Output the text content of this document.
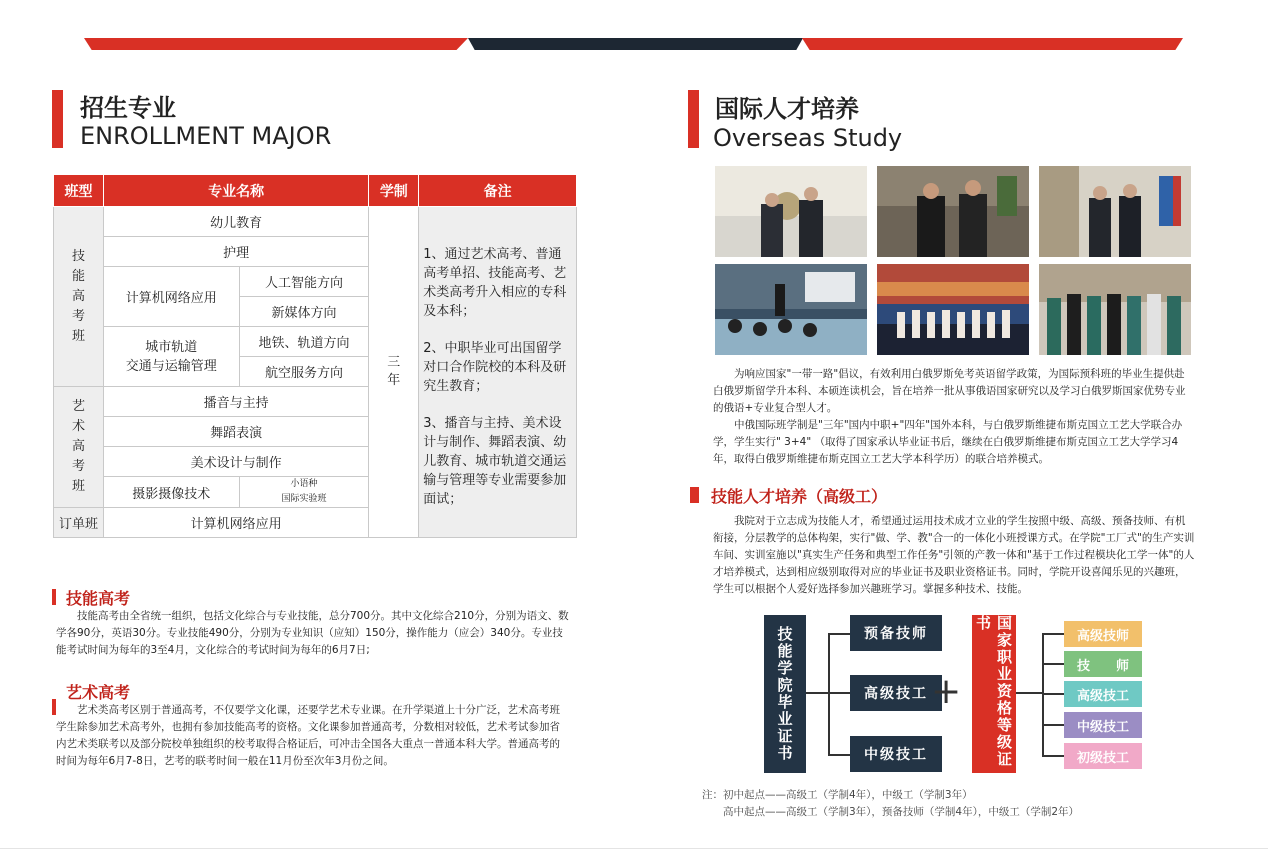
招生专业
ENROLLMENT MAJOR
班型	专业名称		学制	备注

技能高考班	幼儿教育		三年	1、通过艺术高考、普通高考单招、技能高考、艺术类高考升入相应的专科及本科；
2、中职毕业可出国留学对口合作院校的本科及研究生教育；
3、播音与主持、美术设计与制作、舞蹈表演、幼儿教育、城市轨道交通运输与管理等专业需要参加面试；

	护理			
	计算机网络应用	人工智能方向		
		新媒体方向		

	城市轨道
交通与运输管理	地铁、轨道方向		
		航空服务方向		

艺术高考班	播音与主持			
	舞蹈表演			
	美术设计与制作			
	摄影摄像技术	小语种
国际实验班		

订单班	计算机网络应用			
技能高考
技能高考由全省统一组织，包括文化综合与专业技能，总分700分。其中文化综合210分，分别为语文、数学各90分，英语30分。专业技能490分，分别为专业知识（应知）150分，操作能力（应会）340分。专业技能考试时间为每年的3至4月，文化综合的考试时间为每年的6月7日;
艺术高考
艺术类高考区别于普通高考，不仅要学文化课，还要学艺术专业课。在升学渠道上十分广泛，艺术高考班学生除参加艺术高考外，也拥有参加技能高考的资格。文化课参加普通高考，分数相对较低，艺术考试参加省内艺术类联考以及部分院校单独组织的校考取得合格证后，可冲击全国各大重点一普通本科大学。普通高考的时间为每年6月7-8日，艺考的联考时间一般在11月份至次年3月份之间。
国际人才培养
Overseas Study
为响应国家"一带一路"倡议，有效利用白俄罗斯免考英语留学政策，为国际预科班的毕业生提供赴白俄罗斯留学升本科、本硕连读机会，旨在培养一批从事俄语国家研究以及学习白俄罗斯国家优势专业的俄语+专业复合型人才。
中俄国际班学制是"三年"国内中职+"四年"国外本科，与白俄罗斯维捷布斯克国立工艺大学联合办学，学生实行" 3+4" （取得了国家承认毕业证书后，继续在白俄罗斯维捷布斯克国立工艺大学学习4年，取得白俄罗斯维捷布斯克国立工艺大学本科学历）的联合培养模式。
技能人才培养（高级工）
我院对于立志成为技能人才，希望通过运用技术成才立业的学生按照中级、高级、预备技师、有机衔接，分层教学的总体构架，实行"做、学、教"合一的一体化小班授课方式。在学院"工厂式"的生产实训车间、实训室施以"真实生产任务和典型工作任务"引领的产教一体和"基于工作过程模块化工学一体"的人才培养模式，达到相应级别取得对应的毕业证书及职业资格证书。同时，学院开设喜闻乐见的兴趣班，学生可以根据个人爱好选择参加兴趣班学习。掌握多种技术、技能。
技能学院毕业证书	预备技师
高级技工
中级技工
+	国家职业资格等级证书
高级技师
技　　师
高级技工
中级技工
初级技工
注：初中起点——高级工（学制4年），中级工（学制3年）
高中起点——高级工（学制3年），预备技师（学制4年），中级工（学制2年）
